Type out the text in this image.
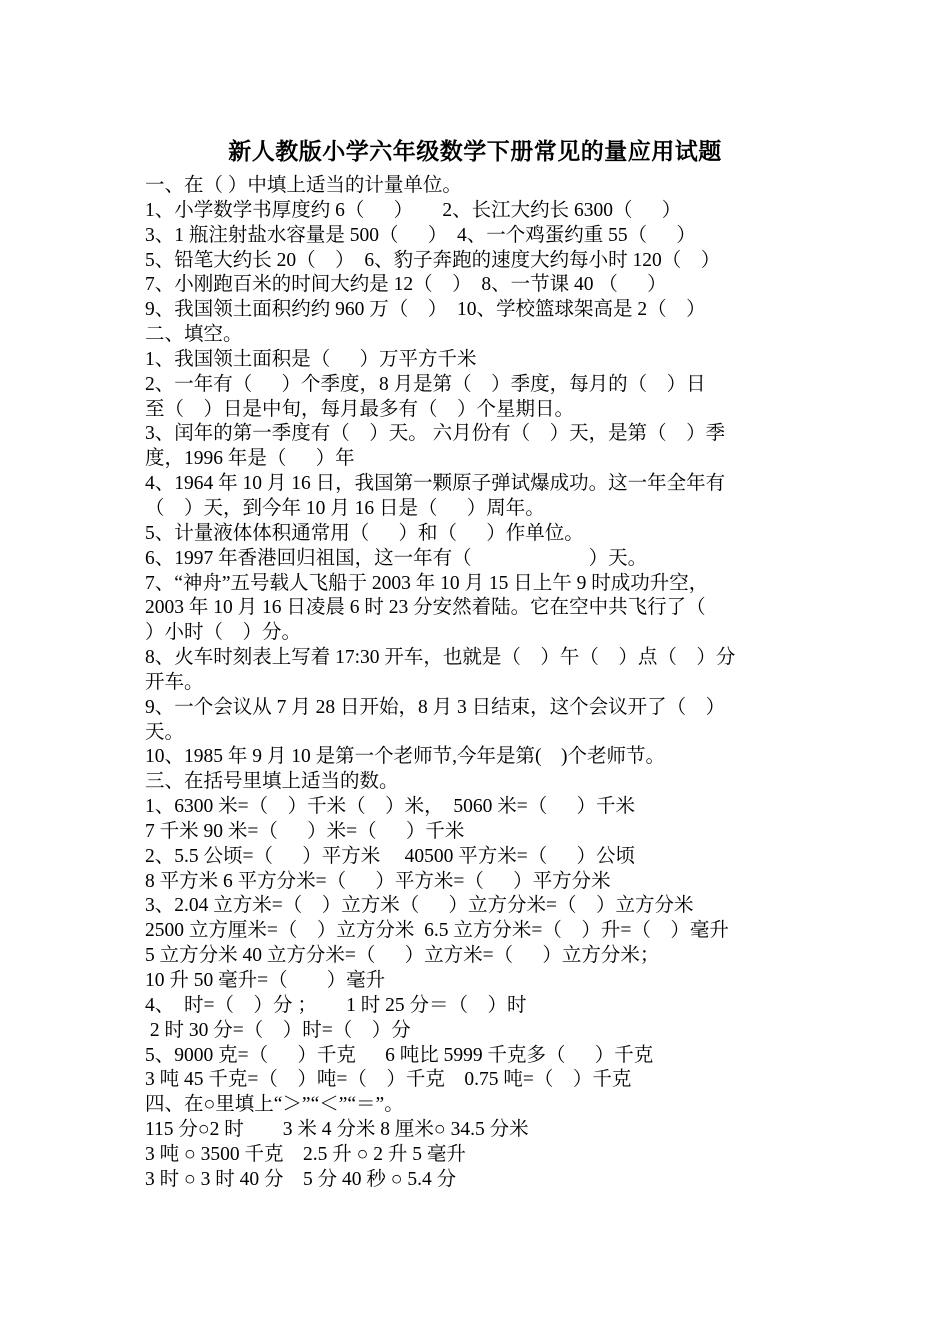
新人教版小学六年级数学下册常见的量应用试题
一、在（ ）中填上适当的计量单位。
1、小学数学书厚度约 6（      ）      2、长江大约长 6300（      ）
3、1 瓶注射盐水容量是 500（      ）  4、一个鸡蛋约重 55（      ）
5、铅笔大约长 20（    ）  6、豹子奔跑的速度大约每小时 120（    ）
7、小刚跑百米的时间大约是 12（    ）  8、一节课 40 （      ）
9、我国领土面积约约 960 万（    ）  10、学校篮球架高是 2（    ）
二、填空。
1、我国领土面积是（      ）万平方千米
2、一年有（      ）个季度，8 月是第（    ）季度，每月的（    ）日
至（    ）日是中旬，每月最多有（    ）个星期日。
3、闰年的第一季度有（    ）天。 六月份有（    ）天，是第（    ）季
度，1996 年是（      ）年
4、1964 年 10 月 16 日，我国第一颗原子弹试爆成功。这一年全年有
（    ）天，到今年 10 月 16 日是（      ）周年。
5、计量液体体积通常用（      ）和（      ）作单位。
6、1997 年香港回归祖国，这一年有（                        ）天。
7、“神舟”五号载人飞船于 2003 年 10 月 15 日上午 9 时成功升空，
2003 年 10 月 16 日凌晨 6 时 23 分安然着陆。它在空中共飞行了（
）小时（    ）分。
8、火车时刻表上写着 17:30 开车，也就是（    ）午（    ）点（    ）分
开车。
9、一个会议从 7 月 28 日开始，8 月 3 日结束，这个会议开了（    ）
天。
10、1985 年 9 月 10 是第一个老师节,今年是第(    )个老师节。
三、在括号里填上适当的数。
1、6300 米=（    ）千米（    ）米，  5060 米=（      ）千米
7 千米 90 米=（      ）米=（      ）千米
2、5.5 公顷=（      ）平方米     40500 平方米=（      ）公顷
8 平方米 6 平方分米=（      ）平方米=（      ）平方分米
3、2.04 立方米=（    ）立方米（      ）立方分米=（    ）立方分米
2500 立方厘米=（    ）立方分米  6.5 立方分米=（    ）升=（    ）毫升
5 立方分米 40 立方分米=（      ）立方米=（      ）立方分米；
10 升 50 毫升=（        ）毫升
4、  时=（    ）分 ；      1 时 25 分＝（    ）时
2 时 30 分=（    ）时=（    ）分
5、9000 克=（      ）千克      6 吨比 5999 千克多（      ）千克
3 吨 45 千克=（    ）吨=（    ）千克    0.75 吨=（    ）千克
四、在○里填上“＞”“＜”“＝”。
115 分○2 时        3 米 4 分米 8 厘米○ 34.5 分米
3 吨 ○ 3500 千克    2.5 升 ○ 2 升 5 毫升
3 时 ○ 3 时 40 分    5 分 40 秒 ○ 5.4 分
